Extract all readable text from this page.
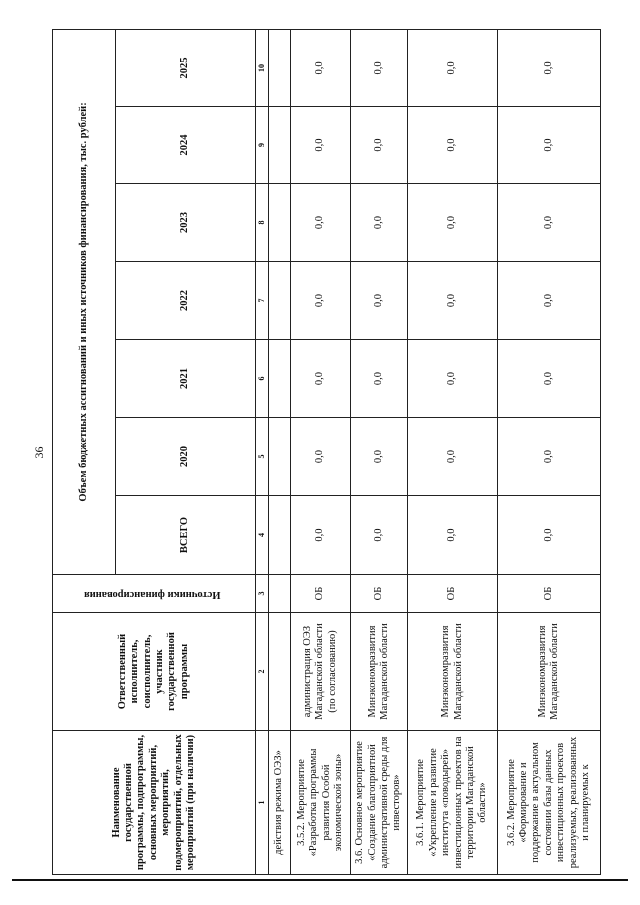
36
Наименование государственной программы, подпрограммы, основных мероприятий, мероприятий, подмероприятий, отдельных мероприятий (при наличии)	Ответственный исполнитель, соисполнитель, участник государственной программы	Источники финансирования	Объем бюджетных ассигнований и иных источников финансирования, тыс. рублей:						
			ВСЕГО	2020	2021	2022	2023	2024	2025
1	2	3	4	5	6	7	8	9	10
действия режима ОЭЗ»									
3.5.2. Мероприятие «Разработка программы развития Особой экономической зоны»	администрация ОЭЗ Магаданской области (по согласованию)	ОБ	0,0	0,0	0,0	0,0	0,0	0,0	0,0
3.6. Основное мероприятие «Создание благоприятной административной среды для инвесторов»	Минэкономразвития Магаданской области	ОБ	0,0	0,0	0,0	0,0	0,0	0,0	0,0
3.6.1. Мероприятие «Укрепление и развитие института «поводырей» инвестиционных проектов на территории Магаданской области»	Минэкономразвития Магаданской области	ОБ	0,0	0,0	0,0	0,0	0,0	0,0	0,0
3.6.2. Мероприятие «Формирование и поддержание в актуальном состоянии базы данных инвестиционных проектов реализуемых, реализованных и планируемых к	Минэкономразвития Магаданской области	ОБ	0,0	0,0	0,0	0,0	0,0	0,0	0,0
